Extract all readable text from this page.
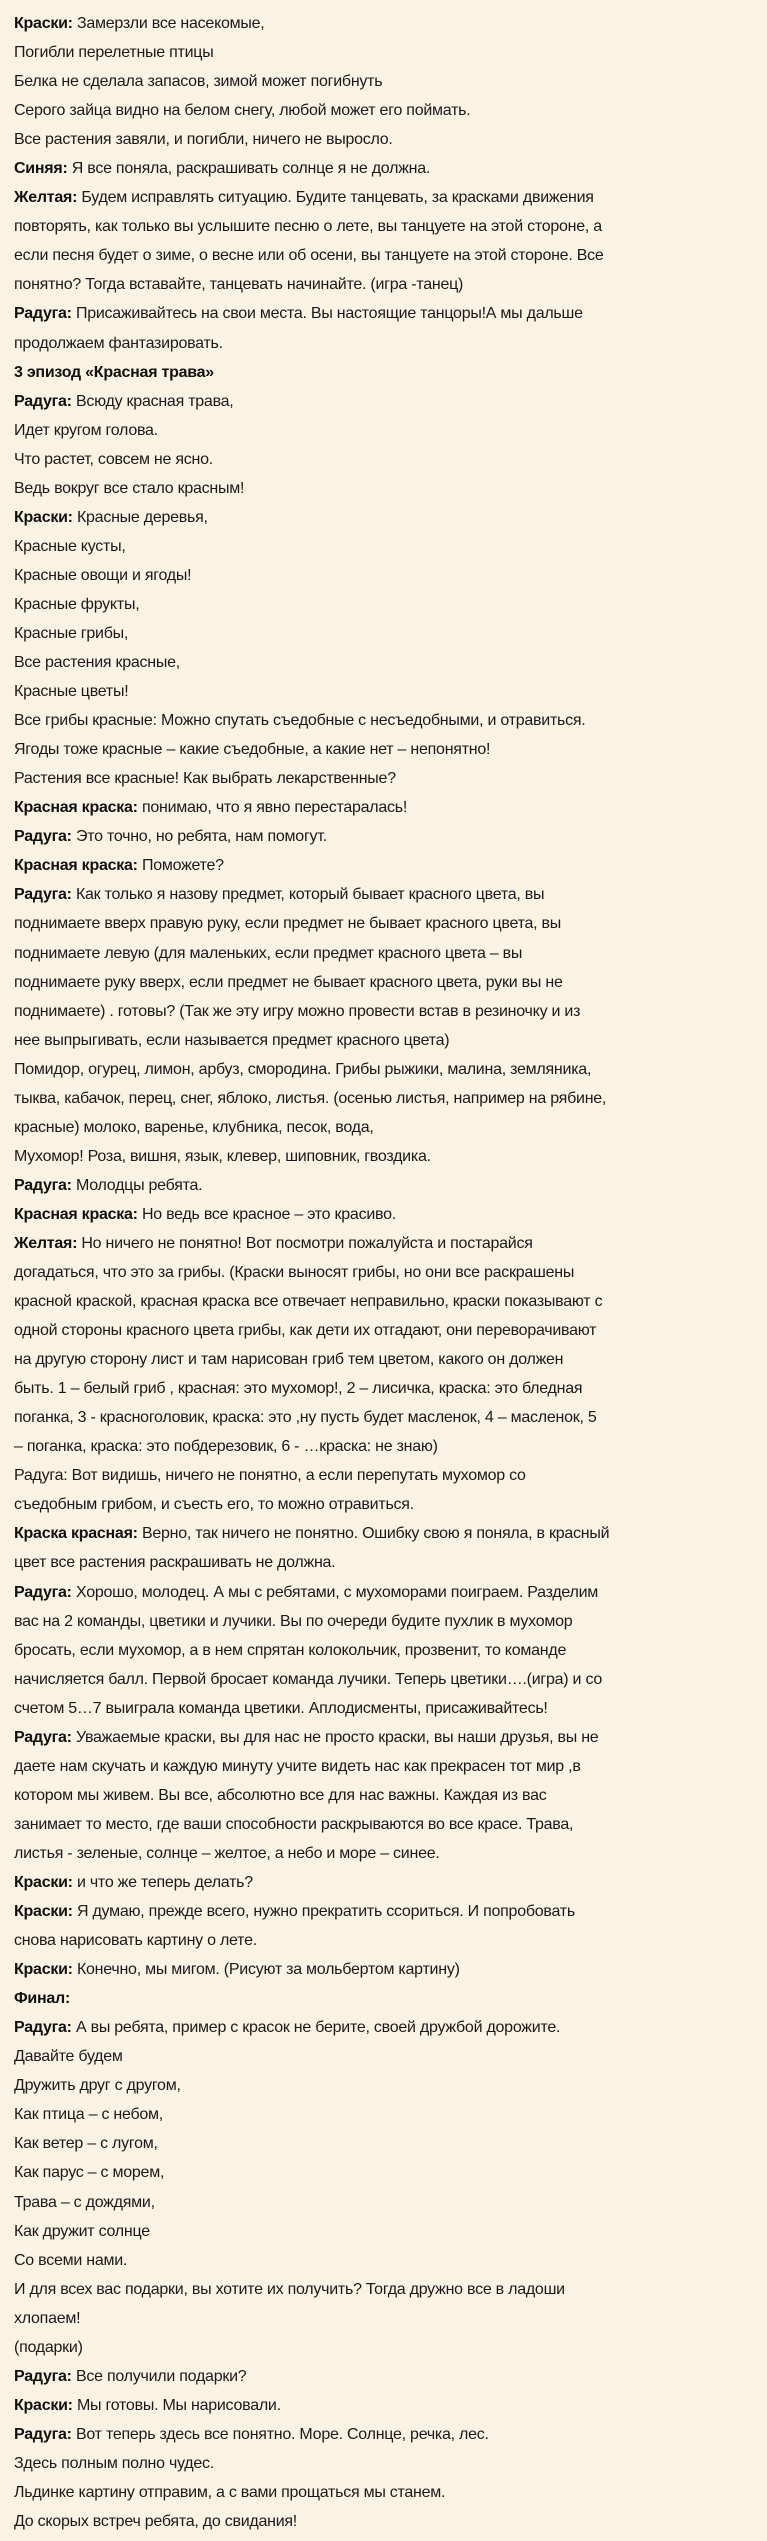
Краски: Замерзли все насекомые,
Погибли перелетные птицы
Белка не сделала запасов, зимой может погибнуть
Серого зайца видно на белом снегу, любой может его поймать.
Все растения завяли, и погибли, ничего не выросло.
Синяя: Я все поняла, раскрашивать солнце я не должна.
Желтая: Будем исправлять ситуацию. Будите танцевать, за красками движения
повторять, как только вы услышите песню о лете, вы танцуете на этой стороне, а
если песня будет о зиме, о весне или об осени, вы танцуете на этой стороне. Все
понятно? Тогда вставайте, танцевать начинайте. (игра -танец)
Радуга: Присаживайтесь на свои места. Вы настоящие танцоры!А мы дальше
продолжаем фантазировать.
3 эпизод «Красная трава»
Радуга: Всюду красная трава,
Идет кругом голова.
Что растет, совсем не ясно.
Ведь вокруг все стало красным!
Краски: Красные деревья,
Красные кусты,
Красные овощи и ягоды!
Красные фрукты,
Красные грибы,
Все растения красные,
Красные цветы!
Все грибы красные: Можно спутать съедобные с несъедобными, и отравиться.
Ягоды тоже красные – какие съедобные, а какие нет – непонятно!
Растения все красные! Как выбрать лекарственные?
Красная краска: понимаю, что я явно перестаралась!
Радуга: Это точно, но ребята, нам помогут.
Красная краска: Поможете?
Радуга: Как только я назову предмет, который бывает красного цвета, вы
поднимаете вверх правую руку, если предмет не бывает красного цвета, вы
поднимаете левую (для маленьких, если предмет красного цвета – вы
поднимаете руку вверх, если предмет не бывает красного цвета, руки вы не
поднимаете) . готовы? (Так же эту игру можно провести встав в резиночку и из
нее выпрыгивать, если называется предмет красного цвета)
Помидор, огурец, лимон, арбуз, смородина. Грибы рыжики, малина, земляника,
тыква, кабачок, перец, снег, яблоко, листья. (осенью листья, например на рябине,
красные) молоко, варенье, клубника, песок, вода,
Мухомор! Роза, вишня, язык, клевер, шиповник, гвоздика.
Радуга: Молодцы ребята.
Красная краска: Но ведь все красное – это красиво.
Желтая: Но ничего не понятно! Вот посмотри пожалуйста и постарайся
догадаться, что это за грибы. (Краски выносят грибы, но они все раскрашены
красной краской, красная краска все отвечает неправильно, краски показывают с
одной стороны красного цвета грибы, как дети их отгадают, они переворачивают
на другую сторону лист и там нарисован гриб тем цветом, какого он должен
быть. 1 – белый гриб , красная: это мухомор!, 2 – лисичка, краска: это бледная
поганка, 3 - красноголовик, краска: это ,ну пусть будет масленок, 4 – масленок, 5
– поганка, краска: это побдерезовик, 6 - …краска: не знаю)
Радуга: Вот видишь, ничего не понятно, а если перепутать мухомор со
съедобным грибом, и съесть его, то можно отравиться.
Краска красная: Верно, так ничего не понятно. Ошибку свою я поняла, в красный
цвет все растения раскрашивать не должна.
Радуга: Хорошо, молодец. А мы с ребятами, с мухоморами поиграем. Разделим
вас на 2 команды, цветики и лучики. Вы по очереди будите пухлик в мухомор
бросать, если мухомор, а в нем спрятан колокольчик, прозвенит, то команде
начисляется балл. Первой бросает команда лучики. Теперь цветики….(игра) и со
счетом 5…7 выиграла команда цветики. Аплодисменты, присаживайтесь!
Радуга: Уважаемые краски, вы для нас не просто краски, вы наши друзья, вы не
даете нам скучать и каждую минуту учите видеть нас как прекрасен тот мир ,в
котором мы живем. Вы все, абсолютно все для нас важны. Каждая из вас
занимает то место, где ваши способности раскрываются во все красе. Трава,
листья - зеленые, солнце – желтое, а небо и море – синее.
Краски: и что же теперь делать?
Краски: Я думаю, прежде всего, нужно прекратить ссориться. И попробовать
снова нарисовать картину о лете.
Краски: Конечно, мы мигом. (Рисуют за мольбертом картину)
Финал:
Радуга: А вы ребята, пример с красок не берите, своей дружбой дорожите.
Давайте будем
Дружить друг с другом,
Как птица – с небом,
Как ветер – с лугом,
Как парус – с морем,
Трава – с дождями,
Как дружит солнце
Со всеми нами.
И для всех вас подарки, вы хотите их получить? Тогда дружно все в ладоши
хлопаем!
(подарки)
Радуга: Все получили подарки?
Краски: Мы готовы. Мы нарисовали.
Радуга: Вот теперь здесь все понятно. Море. Солнце, речка, лес.
Здесь полным полно чудес.
Льдинке картину отправим, а с вами прощаться мы станем.
До скорых встреч ребята, до свидания!
